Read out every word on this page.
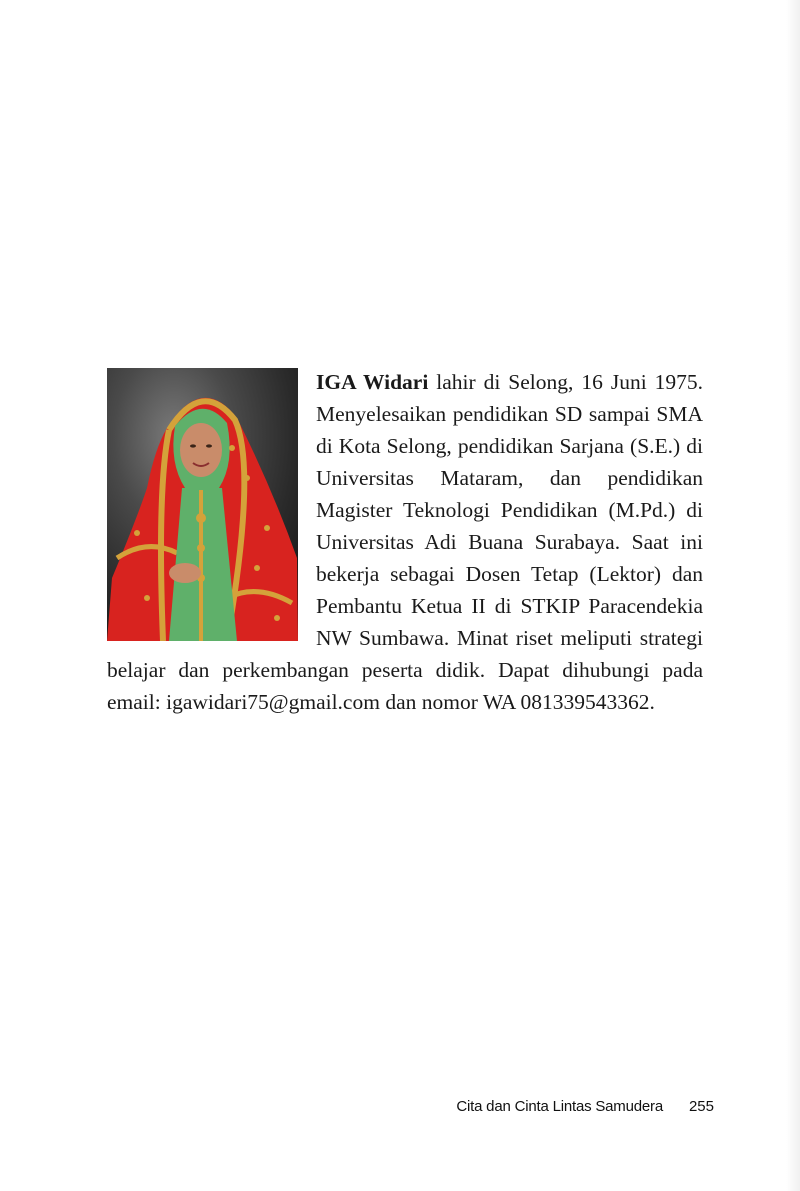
IGA Widari lahir di Selong, 16 Juni 1975. Menyelesaikan pendidikan SD sampai SMA di Kota Selong, pendidikan Sarjana (S.E.) di Universitas Mataram, dan pendidikan Magister Teknologi Pendidikan (M.Pd.) di Universitas Adi Buana Surabaya. Saat ini bekerja sebagai Dosen Tetap (Lektor) dan Pembantu Ketua II di STKIP Paracendekia NW Sumbawa. Minat riset meliputi strategi belajar dan perkembangan peserta didik. Dapat dihubungi pada email: igawidari75@gmail.com dan nomor WA 081339543362.

Cita dan Cinta Lintas Samudera 255
